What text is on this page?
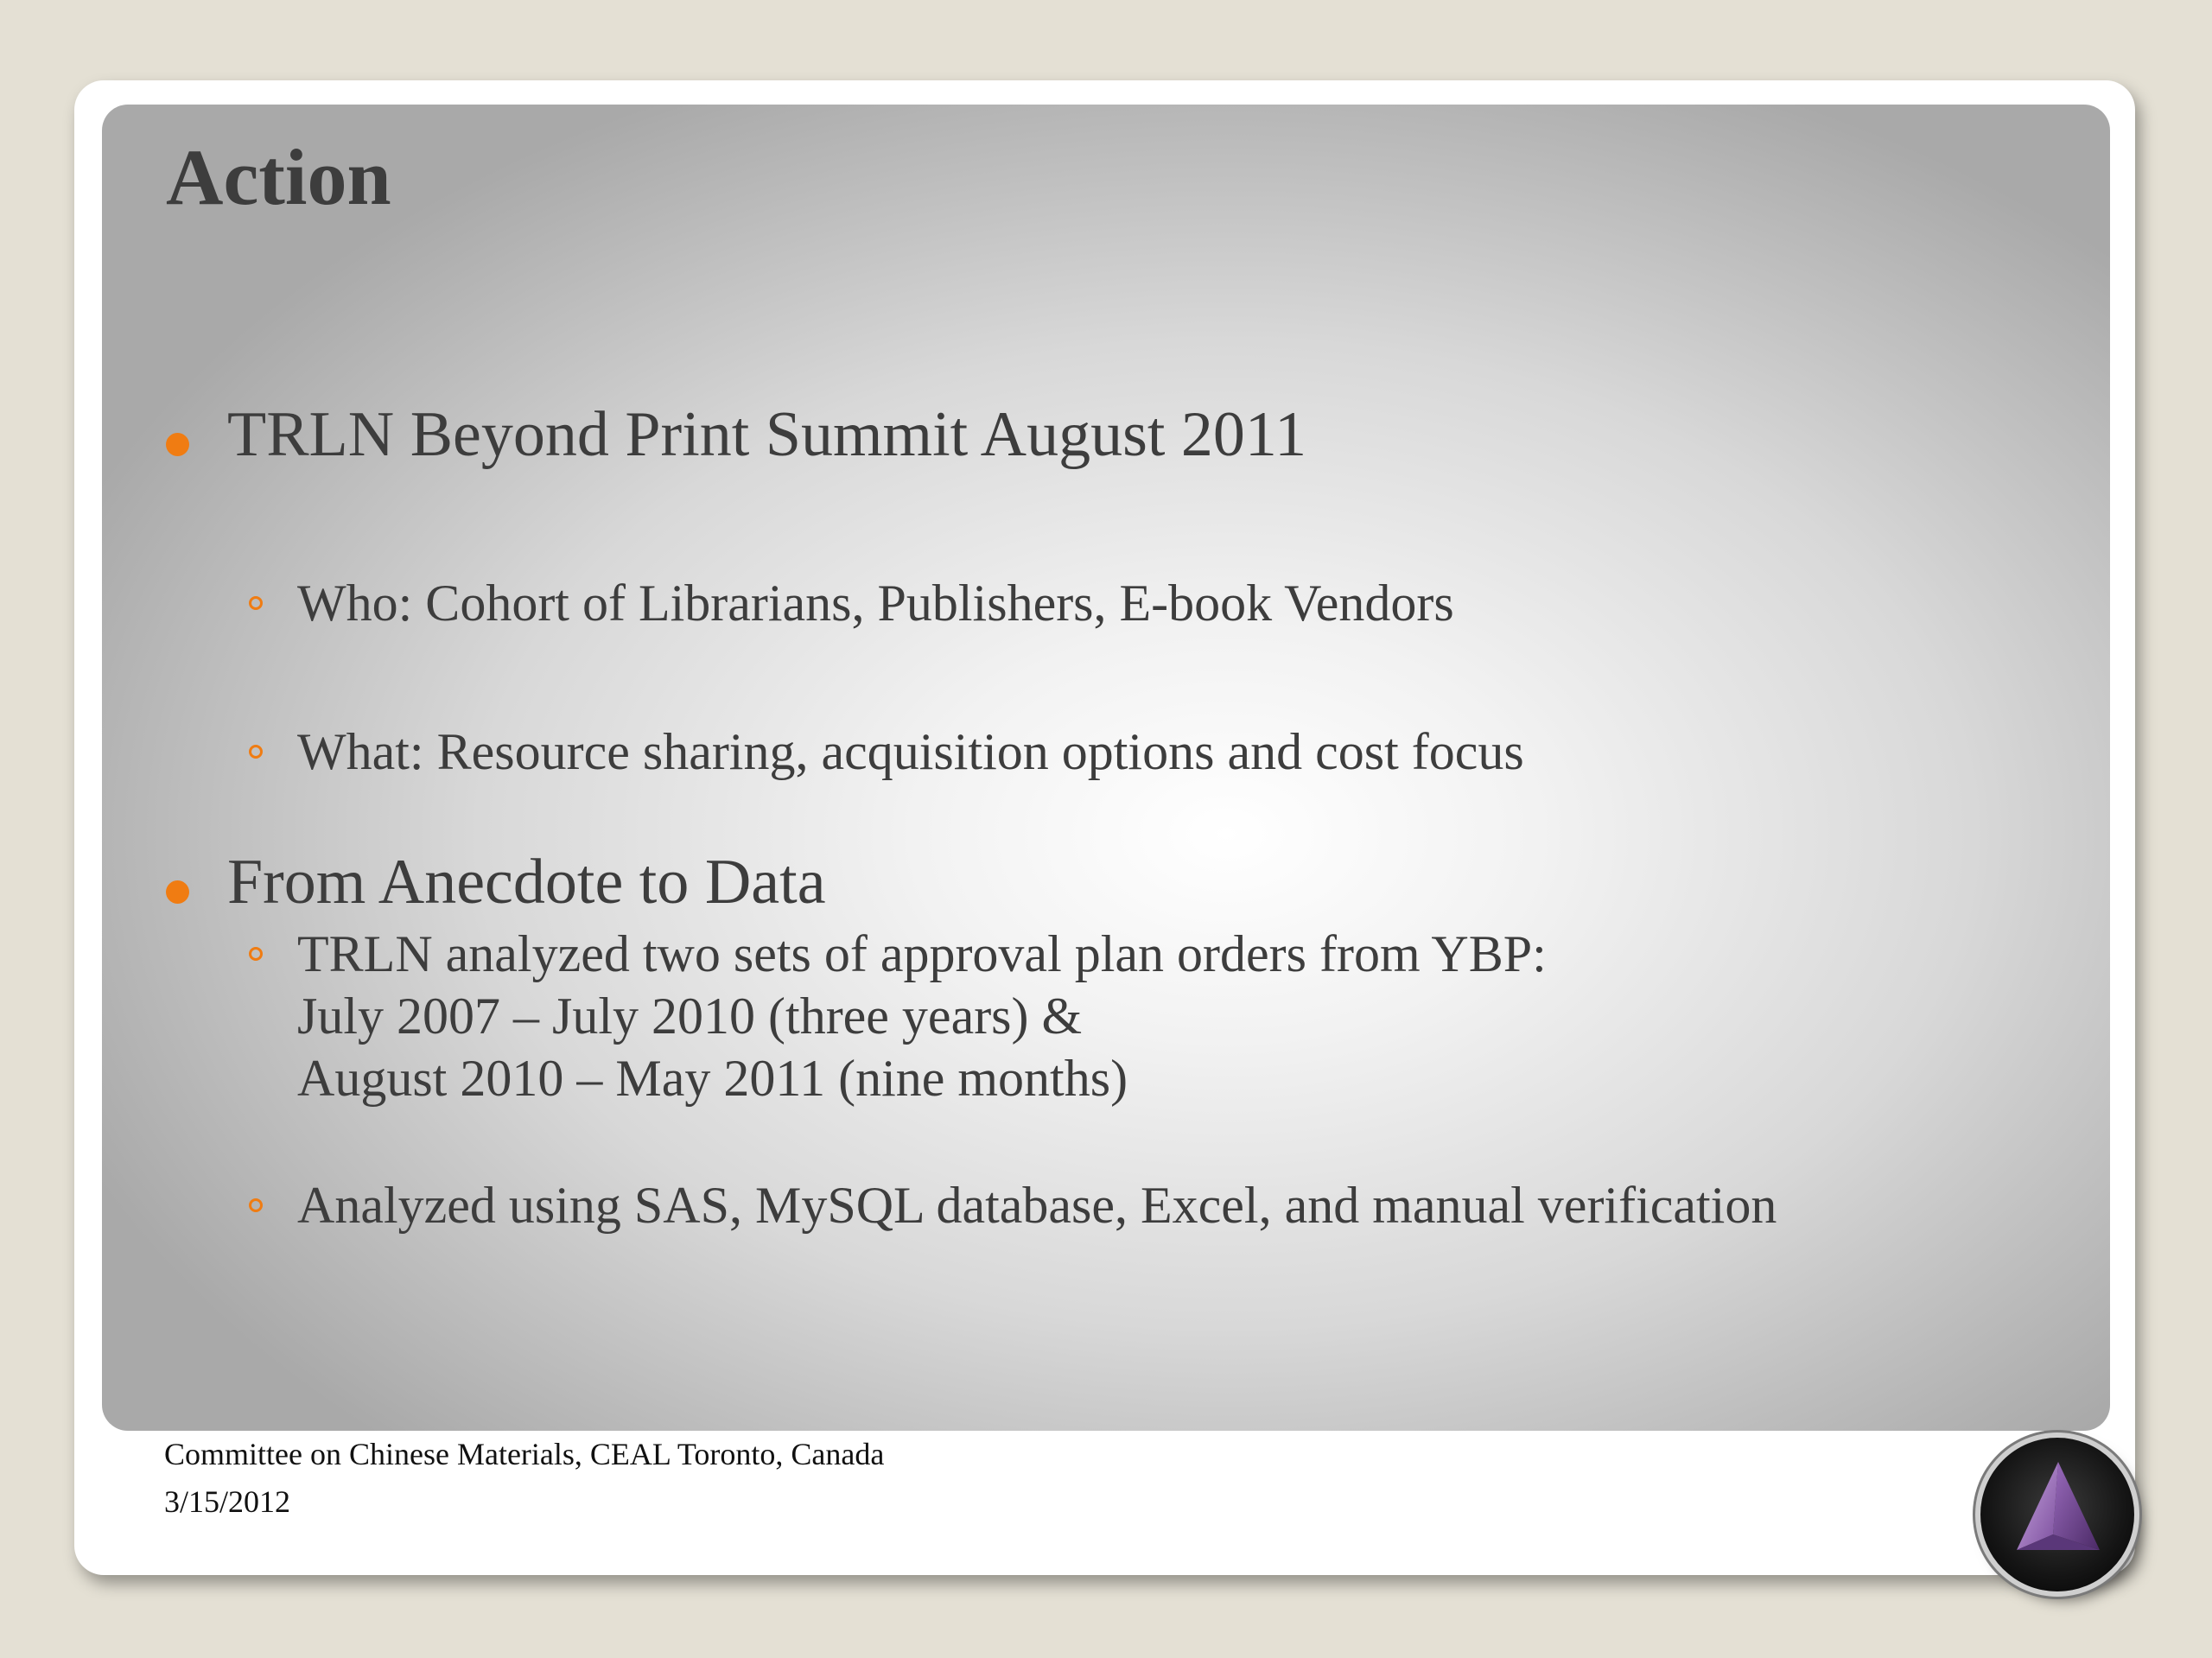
Action
TRLN Beyond Print Summit August 2011
Who: Cohort of Librarians, Publishers, E-book Vendors
What: Resource sharing, acquisition options and cost focus
From Anecdote to Data
TRLN analyzed two sets of approval plan orders from YBP:
July 2007 – July 2010 (three years) &
August 2010 – May 2011 (nine months)
Analyzed using SAS, MySQL database, Excel, and manual verification
Committee on Chinese Materials, CEAL Toronto, Canada
3/15/2012
